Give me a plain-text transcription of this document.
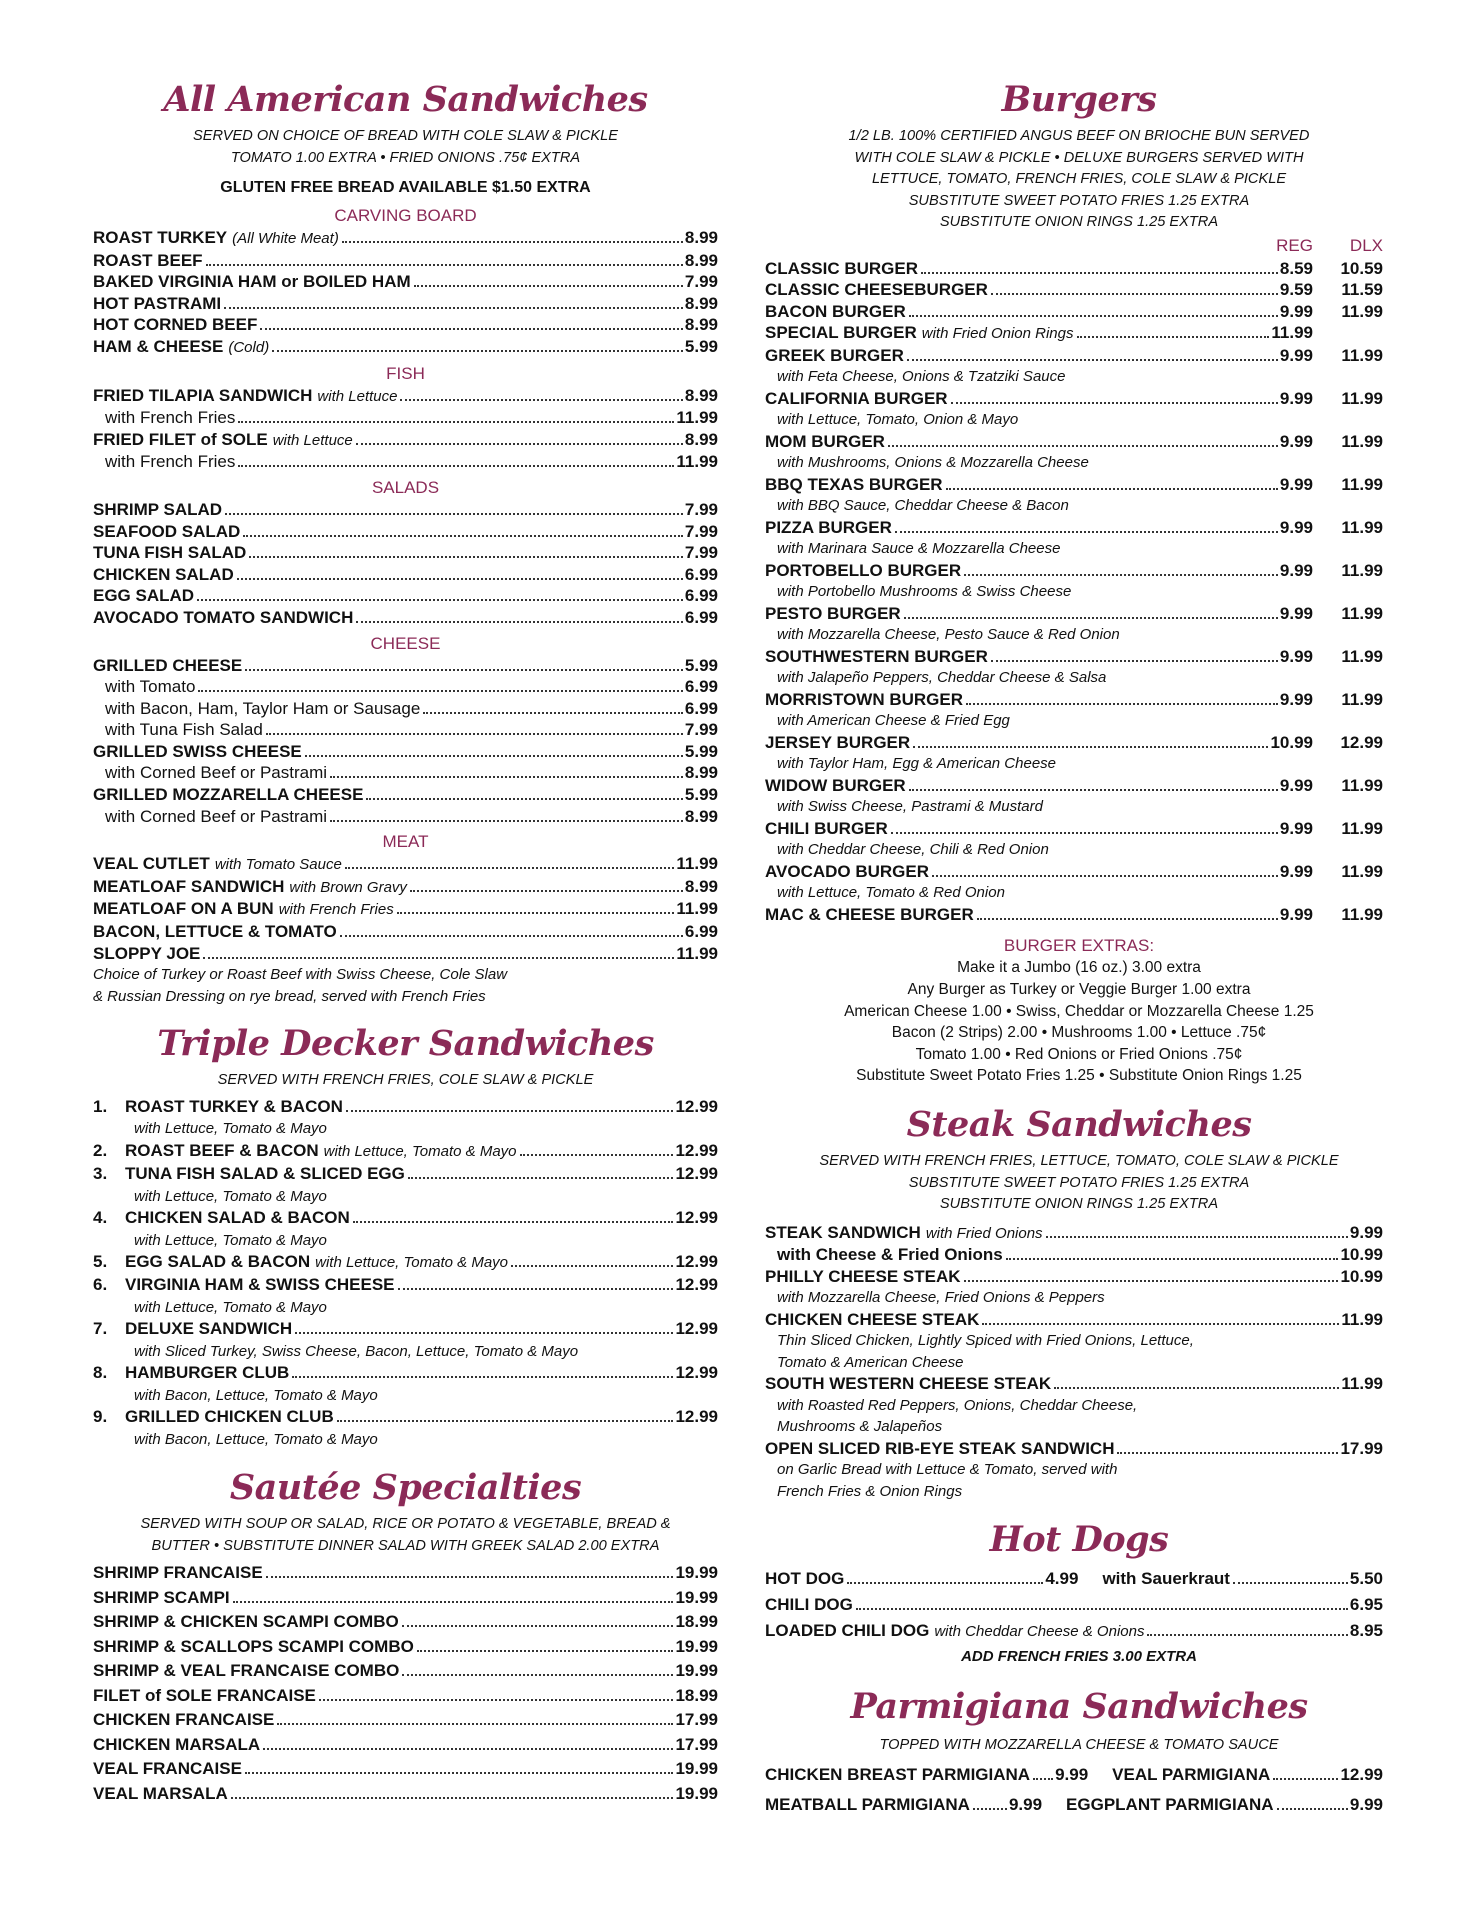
All American Sandwiches

SERVED ON CHOICE OF BREAD WITH COLE SLAW & PICKLE

TOMATO 1.00 EXTRA • FRIED ONIONS .75¢ EXTRA

GLUTEN FREE BREAD AVAILABLE $1.50 EXTRA

CARVING BOARD
ROAST TURKEY (All White Meat)	8.99
ROAST BEEF	8.99
BAKED VIRGINIA HAM or BOILED HAM	7.99
HOT PASTRAMI	8.99
HOT CORNED BEEF	8.99
HAM & CHEESE (Cold)	5.99
FISH
FRIED TILAPIA SANDWICH with Lettuce	8.99
with French Fries	11.99
FRIED FILET of SOLE with Lettuce	8.99
with French Fries	11.99
SALADS
SHRIMP SALAD	7.99
SEAFOOD SALAD	7.99
TUNA FISH SALAD	7.99
CHICKEN SALAD	6.99
EGG SALAD	6.99
AVOCADO TOMATO SANDWICH	6.99
CHEESE
GRILLED CHEESE	5.99
with Tomato	6.99
with Bacon, Ham, Taylor Ham or Sausage	6.99
with Tuna Fish Salad	7.99
GRILLED SWISS CHEESE	5.99
with Corned Beef or Pastrami	8.99
GRILLED MOZZARELLA CHEESE	5.99
with Corned Beef or Pastrami	8.99
MEAT
VEAL CUTLET with Tomato Sauce	11.99
MEATLOAF SANDWICH with Brown Gravy	8.99
MEATLOAF ON A BUN with French Fries	11.99
BACON, LETTUCE & TOMATO	6.99
SLOPPY JOE	11.99
Choice of Turkey or Roast Beef with Swiss Cheese, Cole Slaw
& Russian Dressing on rye bread, served with French Fries
Triple Decker Sandwiches

SERVED WITH FRENCH FRIES, COLE SLAW & PICKLE

1.	ROAST TURKEY & BACON	12.99
with Lettuce, Tomato & Mayo
2.	ROAST BEEF & BACON with Lettuce, Tomato & Mayo	12.99
3.	TUNA FISH SALAD & SLICED EGG	12.99
with Lettuce, Tomato & Mayo
4.	CHICKEN SALAD & BACON	12.99
with Lettuce, Tomato & Mayo
5.	EGG SALAD & BACON with Lettuce, Tomato & Mayo	12.99
6.	VIRGINIA HAM & SWISS CHEESE	12.99
with Lettuce, Tomato & Mayo
7.	DELUXE SANDWICH	12.99
with Sliced Turkey, Swiss Cheese, Bacon, Lettuce, Tomato & Mayo
8.	HAMBURGER CLUB	12.99
with Bacon, Lettuce, Tomato & Mayo
9.	GRILLED CHICKEN CLUB	12.99
with Bacon, Lettuce, Tomato & Mayo
Sautée Specialties

SERVED WITH SOUP OR SALAD, RICE OR POTATO & VEGETABLE, BREAD &

BUTTER • SUBSTITUTE DINNER SALAD WITH GREEK SALAD 2.00 EXTRA

SHRIMP FRANCAISE	19.99
SHRIMP SCAMPI	19.99
SHRIMP & CHICKEN SCAMPI COMBO	18.99
SHRIMP & SCALLOPS SCAMPI COMBO	19.99
SHRIMP & VEAL FRANCAISE COMBO	19.99
FILET of SOLE FRANCAISE	18.99
CHICKEN FRANCAISE	17.99
CHICKEN MARSALA	17.99
VEAL FRANCAISE	19.99
VEAL MARSALA	19.99
Burgers

1/2 LB. 100% CERTIFIED ANGUS BEEF ON BRIOCHE BUN SERVED

WITH COLE SLAW & PICKLE • DELUXE BURGERS SERVED WITH

LETTUCE, TOMATO, FRENCH FRIES, COLE SLAW & PICKLE

SUBSTITUTE SWEET POTATO FRIES 1.25 EXTRA

SUBSTITUTE ONION RINGS 1.25 EXTRA

REG	DLX
CLASSIC BURGER	8.59	10.59
CLASSIC CHEESEBURGER	9.59	11.59
BACON BURGER	9.99	11.99
SPECIAL BURGER with Fried Onion Rings	11.99
GREEK BURGER	9.99	11.99
with Feta Cheese, Onions & Tzatziki Sauce
CALIFORNIA BURGER	9.99	11.99
with Lettuce, Tomato, Onion & Mayo
MOM BURGER	9.99	11.99
with Mushrooms, Onions & Mozzarella Cheese
BBQ TEXAS BURGER	9.99	11.99
with BBQ Sauce, Cheddar Cheese & Bacon
PIZZA BURGER	9.99	11.99
with Marinara Sauce & Mozzarella Cheese
PORTOBELLO BURGER	9.99	11.99
with Portobello Mushrooms & Swiss Cheese
PESTO BURGER	9.99	11.99
with Mozzarella Cheese, Pesto Sauce & Red Onion
SOUTHWESTERN BURGER	9.99	11.99
with Jalapeño Peppers, Cheddar Cheese & Salsa
MORRISTOWN BURGER	9.99	11.99
with American Cheese & Fried Egg
JERSEY BURGER	10.99	12.99
with Taylor Ham, Egg & American Cheese
WIDOW BURGER	9.99	11.99
with Swiss Cheese, Pastrami & Mustard
CHILI BURGER	9.99	11.99
with Cheddar Cheese, Chili & Red Onion
AVOCADO BURGER	9.99	11.99
with Lettuce, Tomato & Red Onion
MAC & CHEESE BURGER	9.99	11.99
BURGER EXTRAS:
Make it a Jumbo (16 oz.) 3.00 extra
Any Burger as Turkey or Veggie Burger 1.00 extra
American Cheese 1.00 • Swiss, Cheddar or Mozzarella Cheese 1.25
Bacon (2 Strips) 2.00 • Mushrooms 1.00 • Lettuce .75¢
Tomato 1.00 • Red Onions or Fried Onions .75¢
Substitute Sweet Potato Fries 1.25 • Substitute Onion Rings 1.25
Steak Sandwiches

SERVED WITH FRENCH FRIES, LETTUCE, TOMATO, COLE SLAW & PICKLE

SUBSTITUTE SWEET POTATO FRIES 1.25 EXTRA

SUBSTITUTE ONION RINGS 1.25 EXTRA

STEAK SANDWICH with Fried Onions	9.99
with Cheese & Fried Onions	10.99
PHILLY CHEESE STEAK	10.99
with Mozzarella Cheese, Fried Onions & Peppers
CHICKEN CHEESE STEAK	11.99
Thin Sliced Chicken, Lightly Spiced with Fried Onions, Lettuce,
Tomato & American Cheese
SOUTH WESTERN CHEESE STEAK	11.99
with Roasted Red Peppers, Onions, Cheddar Cheese,
Mushrooms & Jalapeños
OPEN SLICED RIB-EYE STEAK SANDWICH	17.99
on Garlic Bread with Lettuce & Tomato, served with
French Fries & Onion Rings
Hot Dogs
HOT DOG	4.99 with Sauerkraut	5.50
CHILI DOG	6.95
LOADED CHILI DOG with Cheddar Cheese & Onions	8.95
ADD FRENCH FRIES 3.00 EXTRA
Parmigiana Sandwiches

TOPPED WITH MOZZARELLA CHEESE & TOMATO SAUCE

CHICKEN BREAST PARMIGIANA 9.99 VEAL PARMIGIANA	12.99
MEATBALL PARMIGIANA 9.99 EGGPLANT PARMIGIANA	9.99
